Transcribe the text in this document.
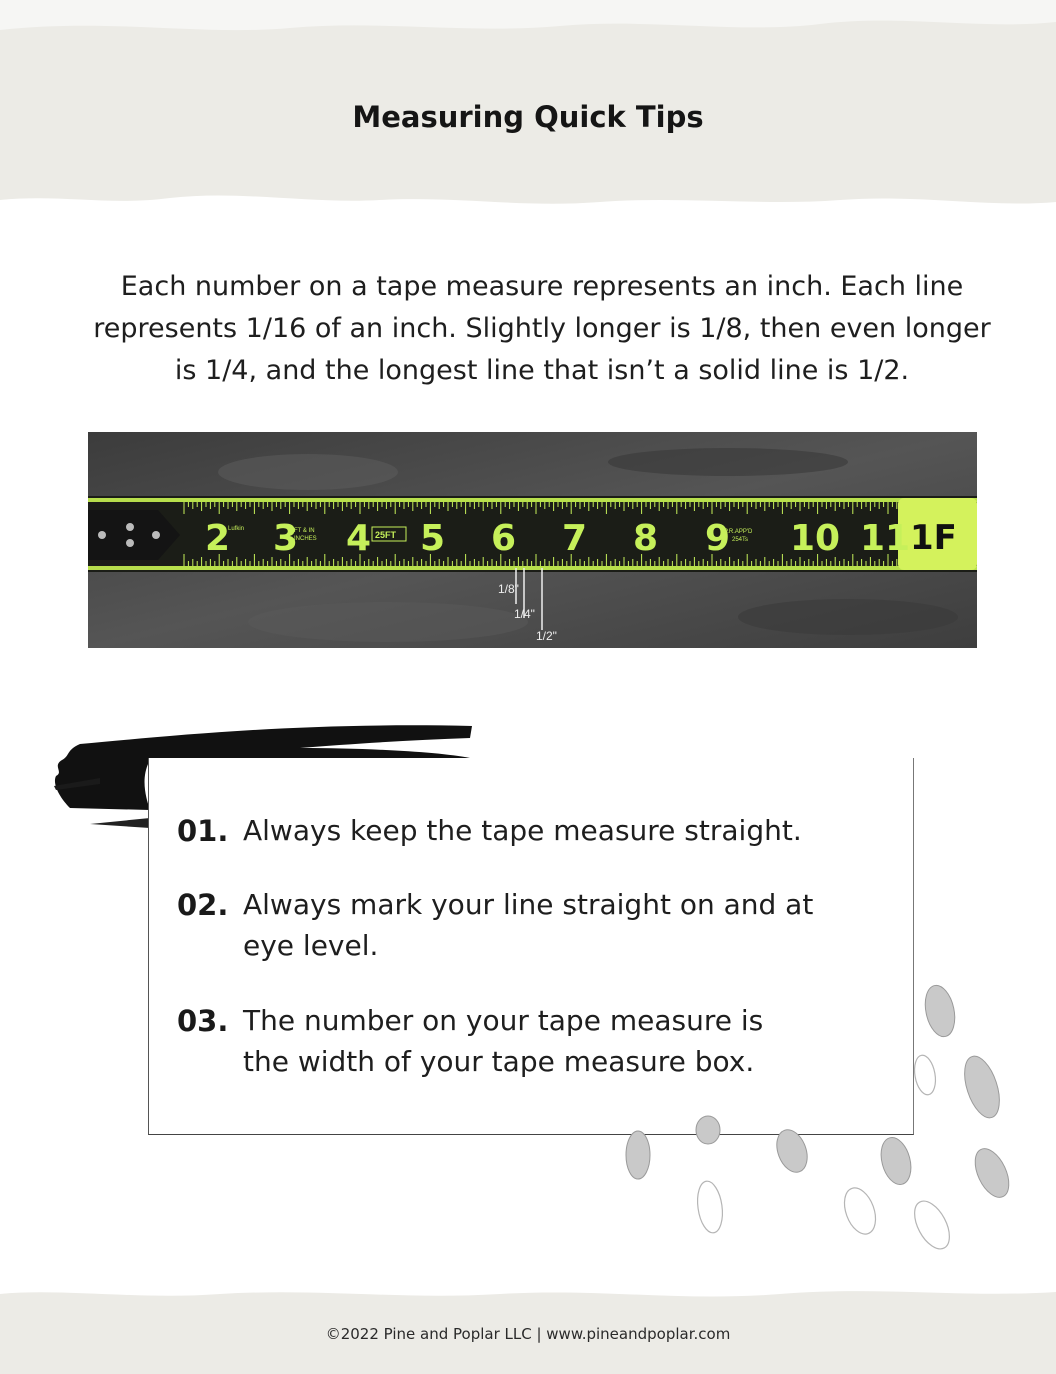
Measuring Quick Tips
Each number on a tape measure represents an inch. Each line represents 1/16 of an inch. Slightly longer is 1/8, then even longer is 1/4, and the longest line that isn’t a solid line is 1/2.
2 3 4 5 6 7 8 9 10 11
1/8"
1/4"
1/2"
Lufkin	FT & IN
INCHES	25FT	P.R.APP'D
254Ts	1F
01. Always keep the tape measure straight.
02. Always mark your line straight on and at eye level.
03. The number on your tape measure is the width of your tape measure box.
©2022 Pine and Poplar LLC | www.pineandpoplar.com
